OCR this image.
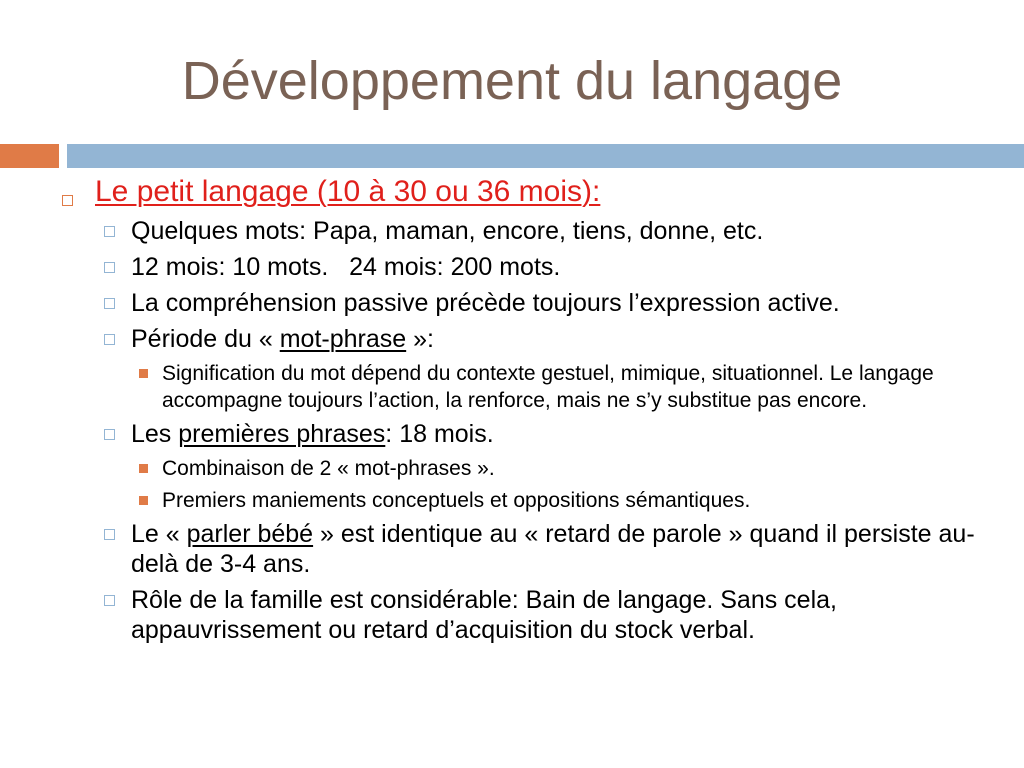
Développement du langage
Le petit langage (10 à 30 ou 36 mois):
Quelques mots: Papa, maman, encore, tiens, donne, etc.
12 mois: 10 mots.   24 mois: 200 mots.
La compréhension passive précède toujours l’expression active.
Période du « mot-phrase »:
Signification du mot dépend du contexte gestuel, mimique, situationnel. Le langage accompagne toujours l’action, la renforce, mais ne s’y substitue pas encore.
Les premières phrases: 18 mois.
Combinaison de 2 « mot-phrases ».
Premiers maniements conceptuels et oppositions sémantiques.
Le « parler bébé » est identique au « retard de parole » quand il persiste au-delà de 3-4 ans.
Rôle de la famille est considérable: Bain de langage. Sans cela, appauvrissement ou retard d’acquisition du stock verbal.
